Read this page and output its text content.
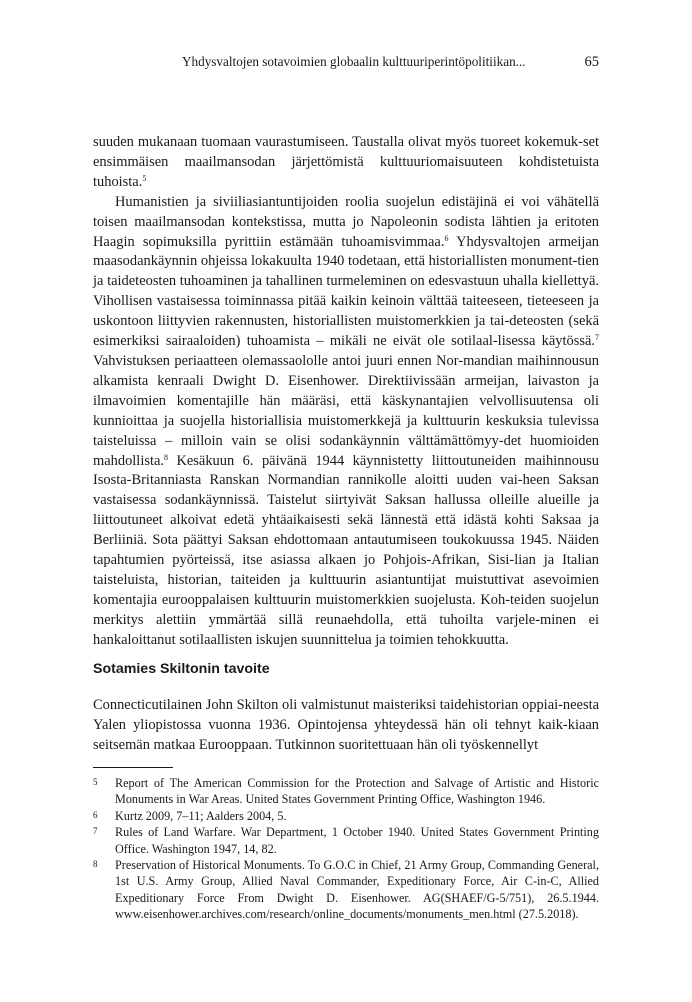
Yhdysvaltojen sotavoimien globaalin kulttuuriperintöpolitiikan...	65

suuden mukanaan tuomaan vaurastumiseen. Taustalla olivat myös tuoreet kokemuk-set ensimmäisen maailmansodan järjettömistä kulttuuriomaisuuteen kohdistetuista tuhoista.$^5$

Humanistien ja siviiliasiantuntijoiden roolia suojelun edistäjinä ei voi vähätellä toisen maailmansodan kontekstissa, mutta jo Napoleonin sodista lähtien ja eritoten Haagin sopimuksilla pyrittiin estämään tuhoamisvimmaa.$^6$ Yhdysvaltojen armeijan maasodankäynnin ohjeissa lokakuulta 1940 todetaan, että historiallisten monument-tien ja taideteosten tuhoaminen ja tahallinen turmeleminen on edesvastuun uhalla kiellettyä. Vihollisen vastaisessa toiminnassa pitää kaikin keinoin välttää taiteeseen, tieteeseen ja uskontoon liittyvien rakennusten, historiallisten muistomerkkien ja tai-deteosten (sekä esimerkiksi sairaaloiden) tuhoamista – mikäli ne eivät ole sotilaal-lisessa käytössä.$^7$ Vahvistuksen periaatteen olemassaololle antoi juuri ennen Nor-mandian maihinnousun alkamista kenraali Dwight D. Eisenhower. Direktiivissään armeijan, laivaston ja ilmavoimien komentajille hän määräsi, että käskynantajien velvollisuutensa oli kunnioittaa ja suojella historiallisia muistomerkkejä ja kulttuurin keskuksia tulevissa taisteluissa – milloin vain se olisi sodankäynnin välttämättömyy-det huomioiden mahdollista.$^8$ Kesäkuun 6. päivänä 1944 käynnistetty liittoutuneiden maihinnousu Isosta-Britanniasta Ranskan Normandian rannikolle aloitti uuden vai-heen Saksan vastaisessa sodankäynnissä. Taistelut siirtyivät Saksan hallussa olleille alueille ja liittoutuneet alkoivat edetä yhtäaikaisesti sekä lännestä että idästä kohti Saksaa ja Berliiniä. Sota päättyi Saksan ehdottomaan antautumiseen toukokuussa 1945. Näiden tapahtumien pyörteissä, itse asiassa alkaen jo Pohjois-Afrikan, Sisi-lian ja Italian taisteluista, historian, taiteiden ja kulttuurin asiantuntijat muistuttivat asevoimien komentajia eurooppalaisen kulttuurin muistomerkkien suojelusta. Koh-teiden suojelun merkitys alettiin ymmärtää sillä reunaehdolla, että tuhoilta varjele-minen ei hankaloittanut sotilaallisten iskujen suunnittelua ja toimien tehokkuutta.

Sotamies Skiltonin tavoite

Connecticutilainen John Skilton oli valmistunut maisteriksi taidehistorian oppiai-neesta Yalen yliopistossa vuonna 1936. Opintojensa yhteydessä hän oli tehnyt kaik-kiaan seitsemän matkaa Eurooppaan. Tutkinnon suoritettuaan hän oli työskennellyt

5 Report of The American Commission for the Protection and Salvage of Artistic and Historic Monuments in War Areas. United States Government Printing Office, Washington 1946.
6 Kurtz 2009, 7–11; Aalders 2004, 5.
7 Rules of Land Warfare. War Department, 1 October 1940. United States Government Printing Office. Washington 1947, 14, 82.
8 Preservation of Historical Monuments. To G.O.C in Chief, 21 Army Group, Commanding General, 1st U.S. Army Group, Allied Naval Commander, Expeditionary Force, Air C-in-C, Allied Expeditionary Force From Dwight D. Eisenhower. AG(SHAEF/G-5/751), 26.5.1944. www.eisenhower.archives.com/research/online_documents/monuments_men.html (27.5.2018).
